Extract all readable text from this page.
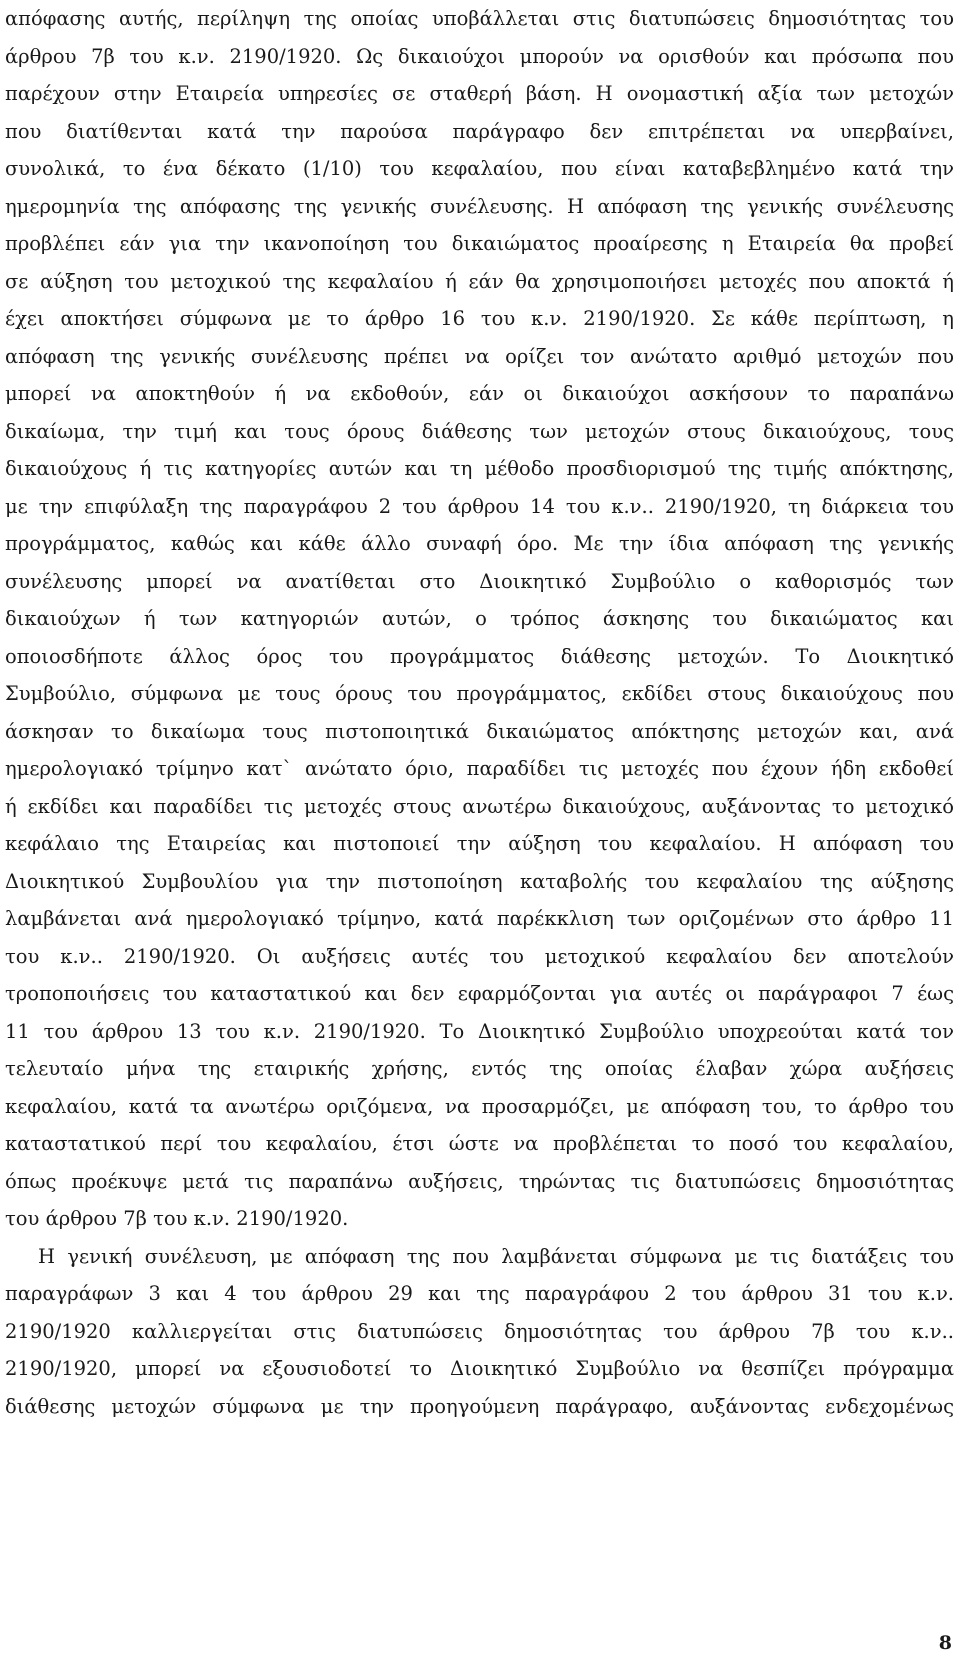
απόφασης αυτής, περίληψη της οποίας υποβάλλεται στις διατυπώσεις δημοσιότητας του
άρθρου 7β του κ.ν. 2190/1920. Ως δικαιούχοι μπορούν να ορισθούν και πρόσωπα που
παρέχουν στην Εταιρεία υπηρεσίες σε σταθερή βάση. Η ονομαστική αξία των μετοχών
που διατίθενται κατά την παρούσα παράγραφο δεν επιτρέπεται να υπερβαίνει,
συνολικά, το ένα δέκατο (1/10) του κεφαλαίου, που είναι καταβεβλημένο κατά την
ημερομηνία της απόφασης της γενικής συνέλευσης. Η απόφαση της γενικής συνέλευσης
προβλέπει εάν για την ικανοποίηση του δικαιώματος προαίρεσης η Εταιρεία θα προβεί
σε αύξηση του μετοχικού της κεφαλαίου ή εάν θα χρησιμοποιήσει μετοχές που αποκτά ή
έχει αποκτήσει σύμφωνα με το άρθρο 16 του κ.ν. 2190/1920. Σε κάθε περίπτωση, η
απόφαση της γενικής συνέλευσης πρέπει να ορίζει τον ανώτατο αριθμό μετοχών που
μπορεί να αποκτηθούν ή να εκδοθούν, εάν οι δικαιούχοι ασκήσουν το παραπάνω
δικαίωμα, την τιμή και τους όρους διάθεσης των μετοχών στους δικαιούχους, τους
δικαιούχους ή τις κατηγορίες αυτών και τη μέθοδο προσδιορισμού της τιμής απόκτησης,
με την επιφύλαξη της παραγράφου 2 του άρθρου 14 του κ.ν.. 2190/1920, τη διάρκεια του
προγράμματος, καθώς και κάθε άλλο συναφή όρο. Με την ίδια απόφαση της γενικής
συνέλευσης μπορεί να ανατίθεται στο Διοικητικό Συμβούλιο ο καθορισμός των
δικαιούχων ή των κατηγοριών αυτών, ο τρόπος άσκησης του δικαιώματος και
οποιοσδήποτε άλλος όρος του προγράμματος διάθεσης μετοχών. Το Διοικητικό
Συμβούλιο, σύμφωνα με τους όρους του προγράμματος, εκδίδει στους δικαιούχους που
άσκησαν το δικαίωμα τους πιστοποιητικά δικαιώματος απόκτησης μετοχών και, ανά
ημερολογιακό τρίμηνο κατ` ανώτατο όριο, παραδίδει τις μετοχές που έχουν ήδη εκδοθεί
ή εκδίδει και παραδίδει τις μετοχές στους ανωτέρω δικαιούχους, αυξάνοντας το μετοχικό
κεφάλαιο της Εταιρείας και πιστοποιεί την αύξηση του κεφαλαίου. Η απόφαση του
Διοικητικού Συμβουλίου για την πιστοποίηση καταβολής του κεφαλαίου της αύξησης
λαμβάνεται ανά ημερολογιακό τρίμηνο, κατά παρέκκλιση των οριζομένων στο άρθρο 11
του κ.ν.. 2190/1920. Οι αυξήσεις αυτές του μετοχικού κεφαλαίου δεν αποτελούν
τροποποιήσεις του καταστατικού και δεν εφαρμόζονται για αυτές οι παράγραφοι 7 έως
11 του άρθρου 13 του κ.ν. 2190/1920. Το Διοικητικό Συμβούλιο υποχρεούται κατά τον
τελευταίο μήνα της εταιρικής χρήσης, εντός της οποίας έλαβαν χώρα αυξήσεις
κεφαλαίου, κατά τα ανωτέρω οριζόμενα, να προσαρμόζει, με απόφαση του, το άρθρο του
καταστατικού περί του κεφαλαίου, έτσι ώστε να προβλέπεται το ποσό του κεφαλαίου,
όπως προέκυψε μετά τις παραπάνω αυξήσεις, τηρώντας τις διατυπώσεις δημοσιότητας
του άρθρου 7β του κ.ν. 2190/1920.
Η γενική συνέλευση, με απόφαση της που λαμβάνεται σύμφωνα με τις διατάξεις του
παραγράφων 3 και 4 του άρθρου 29 και της παραγράφου 2 του άρθρου 31 του κ.ν.
2190/1920 καλλιεργείται στις διατυπώσεις δημοσιότητας του άρθρου 7β του κ.ν..
2190/1920, μπορεί να εξουσιοδοτεί το Διοικητικό Συμβούλιο να θεσπίζει πρόγραμμα
διάθεσης μετοχών σύμφωνα με την προηγούμενη παράγραφο, αυξάνοντας ενδεχομένως
8
